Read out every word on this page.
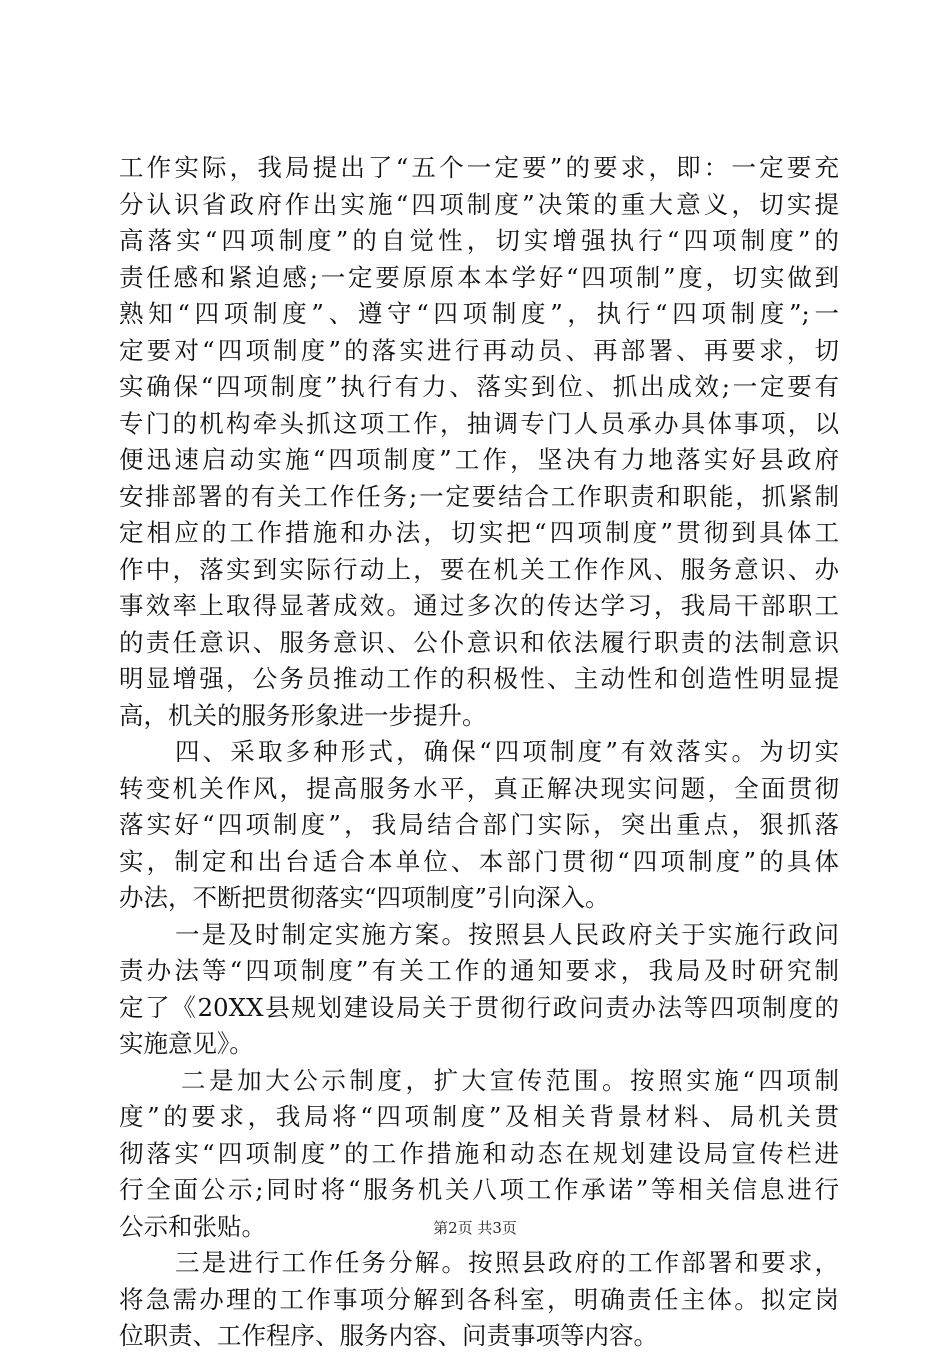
工作实际，我局提出了“五个一定要”的要求，即：一定要充
分认识省政府作出实施“四项制度”决策的重大意义，切实提
高落实“四项制度”的自觉性，切实增强执行“四项制度”的
责任感和紧迫感;一定要原原本本学好“四项制”度，切实做到
熟知“四项制度”、遵守“四项制度”，执行“四项制度”;一
定要对“四项制度”的落实进行再动员、再部署、再要求，切
实确保“四项制度”执行有力、落实到位、抓出成效;一定要有
专门的机构牵头抓这项工作，抽调专门人员承办具体事项，以
便迅速启动实施“四项制度”工作，坚决有力地落实好县政府
安排部署的有关工作任务;一定要结合工作职责和职能，抓紧制
定相应的工作措施和办法，切实把“四项制度”贯彻到具体工
作中，落实到实际行动上，要在机关工作作风、服务意识、办
事效率上取得显著成效。通过多次的传达学习，我局干部职工
的责任意识、服务意识、公仆意识和依法履行职责的法制意识
明显增强，公务员推动工作的积极性、主动性和创造性明显提
高，机关的服务形象进一步提升。
四、采取多种形式，确保“四项制度”有效落实。为切实
转变机关作风，提高服务水平，真正解决现实问题，全面贯彻
落实好“四项制度”，我局结合部门实际，突出重点，狠抓落
实，制定和出台适合本单位、本部门贯彻“四项制度”的具体
办法，不断把贯彻落实“四项制度”引向深入。
一是及时制定实施方案。按照县人民政府关于实施行政问
责办法等“四项制度”有关工作的通知要求，我局及时研究制
定了《20XX县规划建设局关于贯彻行政问责办法等四项制度的
实施意见》。
二是加大公示制度，扩大宣传范围。按照实施“四项制
度”的要求，我局将“四项制度”及相关背景材料、局机关贯
彻落实“四项制度”的工作措施和动态在规划建设局宣传栏进
行全面公示;同时将“服务机关八项工作承诺”等相关信息进行
公示和张贴。
三是进行工作任务分解。按照县政府的工作部署和要求，
将急需办理的工作事项分解到各科室，明确责任主体。拟定岗
位职责、工作程序、服务内容、问责事项等内容。
第2页 共3页
